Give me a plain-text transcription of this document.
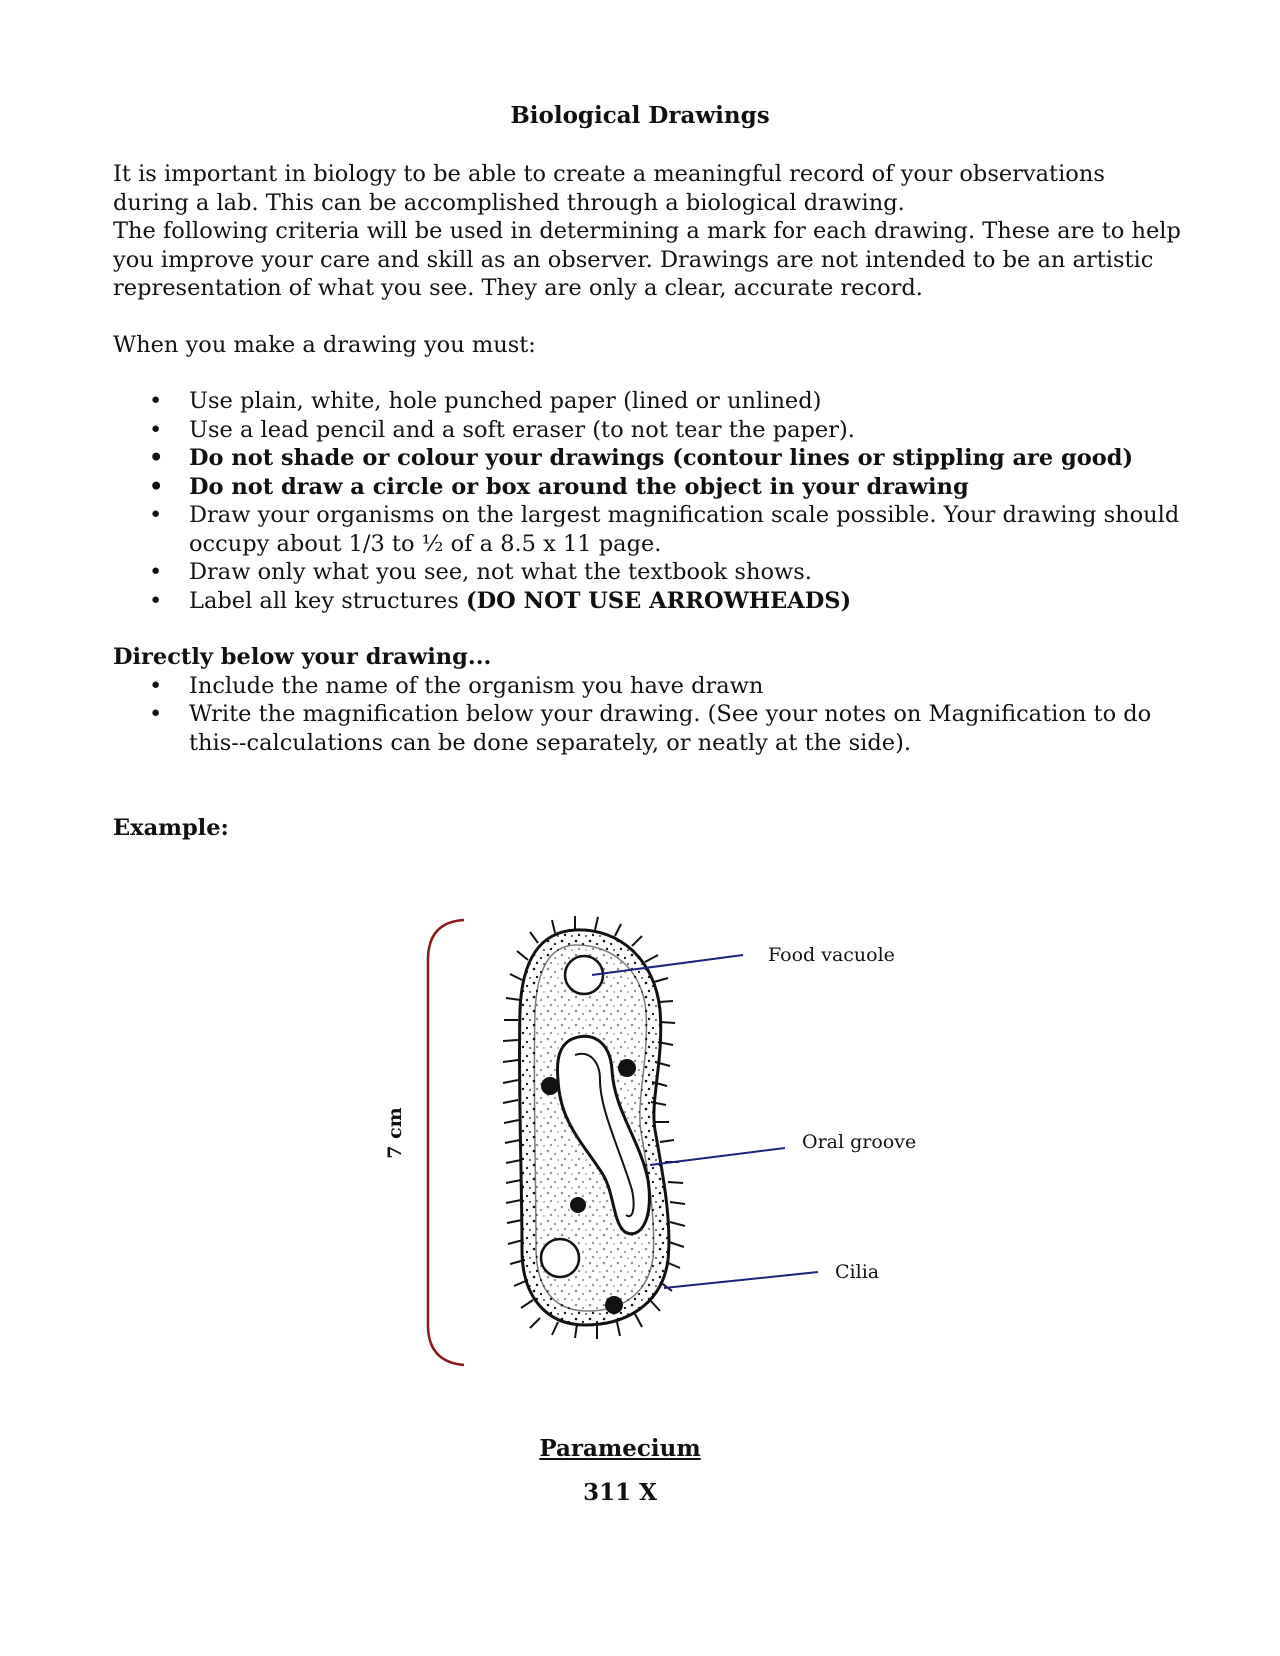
Biological Drawings

It is important in biology to be able to create a meaningful record of your observations during a lab. This can be accomplished through a biological drawing.

The following criteria will be used in determining a mark for each drawing. These are to help you improve your care and skill as an observer. Drawings are not intended to be an artistic representation of what you see. They are only a clear, accurate record.

When you make a drawing you must:

• Use plain, white, hole punched paper (lined or unlined)
• Use a lead pencil and a soft eraser (to not tear the paper).
• Do not shade or colour your drawings (contour lines or stippling are good)
• Do not draw a circle or box around the object in your drawing
• Draw your organisms on the largest magnification scale possible. Your drawing should occupy about 1/3 to ½ of a 8.5 x 11 page.
• Draw only what you see, not what the textbook shows.
• Label all key structures (DO NOT USE ARROWHEADS)

Directly below your drawing...

• Include the name of the organism you have drawn
• Write the magnification below your drawing. (See your notes on Magnification to do this--calculations can be done separately, or neatly at the side).
Example:
Food vacuole
Oral groove
Cilia
7 cm
Paramecium
311 X
